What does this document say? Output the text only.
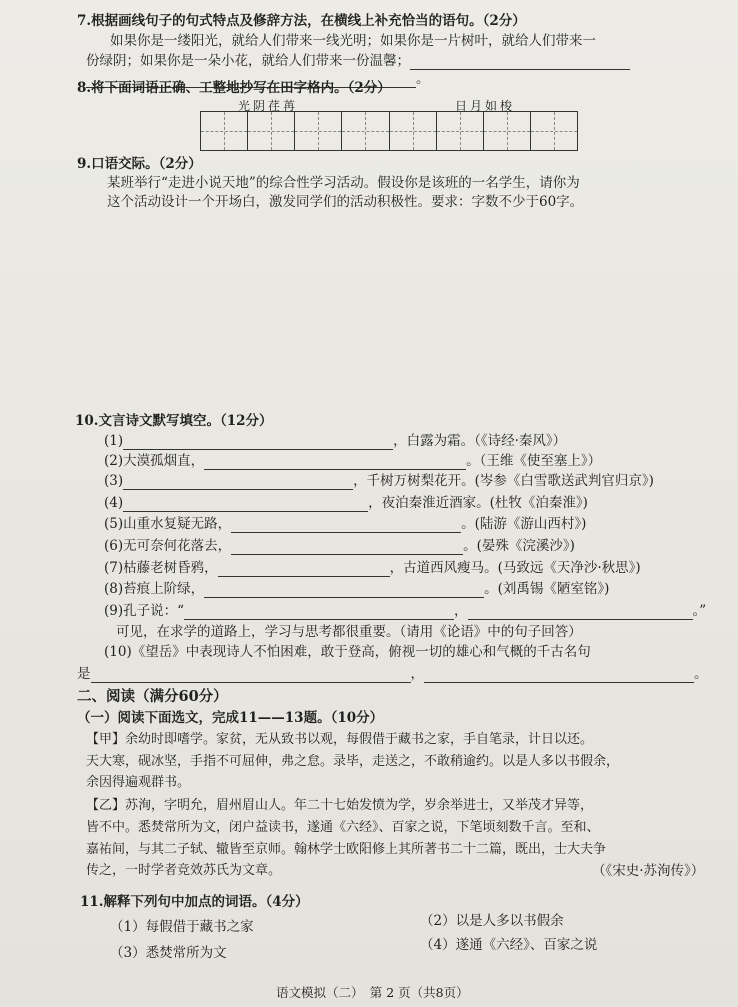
7.根据画线句子的句式特点及修辞方法，在横线上补充恰当的语句。（2分）
如果你是一缕阳光，就给人们带来一线光明；如果你是一片树叶，就给人们带来一
份绿阴；如果你是一朵小花，就给人们带来一份温馨；
。
8.将下面词语正确、工整地抄写在田字格内。（2分）
光阴荏苒	日月如梭
9.口语交际。（2分）
某班举行“走进小说天地”的综合性学习活动。假设你是该班的一名学生，请你为
这个活动设计一个开场白，激发同学们的活动积极性。要求：字数不少于60字。
10.文言诗文默写填空。（12分）
(1)	，白露为霜。（《诗经·秦风》）
(2)大漠孤烟直，	。（王维《使至塞上》）
(3)	，千树万树梨花开。(岑参《白雪歌送武判官归京》)
(4)	，夜泊秦淮近酒家。(杜牧《泊秦淮》)
(5)山重水复疑无路，	。(陆游《游山西村》)
(6)无可奈何花落去，	。(晏殊《浣溪沙》)
(7)枯藤老树昏鸦，	，古道西风瘦马。(马致远《天净沙·秋思》)
(8)苔痕上阶绿，	。(刘禹锡《陋室铭》)
(9)孔子说：“	，	。”
可见，在求学的道路上，学习与思考都很重要。（请用《论语》中的句子回答）
(10)《望岳》中表现诗人不怕困难，敢于登高，俯视一切的雄心和气概的千古名句
是	，	。
二、阅读（满分60分）
（一）阅读下面选文，完成11——13题。（10分）
【甲】余幼时即嗜学。家贫，无从致书以观，每假借于藏书之家，手自笔录，计日以还。
天大寒，砚冰坚，手指不可屈伸，弗之怠。录毕，走送之，不敢稍逾约。以是人多以书假余，
余因得遍观群书。
【乙】苏洵，字明允，眉州眉山人。年二十七始发愤为学，岁余举进士，又举茂才异等，
皆不中。悉焚常所为文，闭户益读书，遂通《六经》、百家之说，下笔顷刻数千言。至和、
嘉祐间，与其二子轼、辙皆至京师。翰林学士欧阳修上其所著书二十二篇，既出，士大夫争
传之，一时学者竞效苏氏为文章。	（《宋史·苏洵传》）
11.解释下列句中加点的词语。（4分）
（1）每假借于藏书之家	（2）以是人多以书假余
（3）悉焚常所为文	（4）遂通《六经》、百家之说
语文模拟（二）　第 2 页（共8页）
